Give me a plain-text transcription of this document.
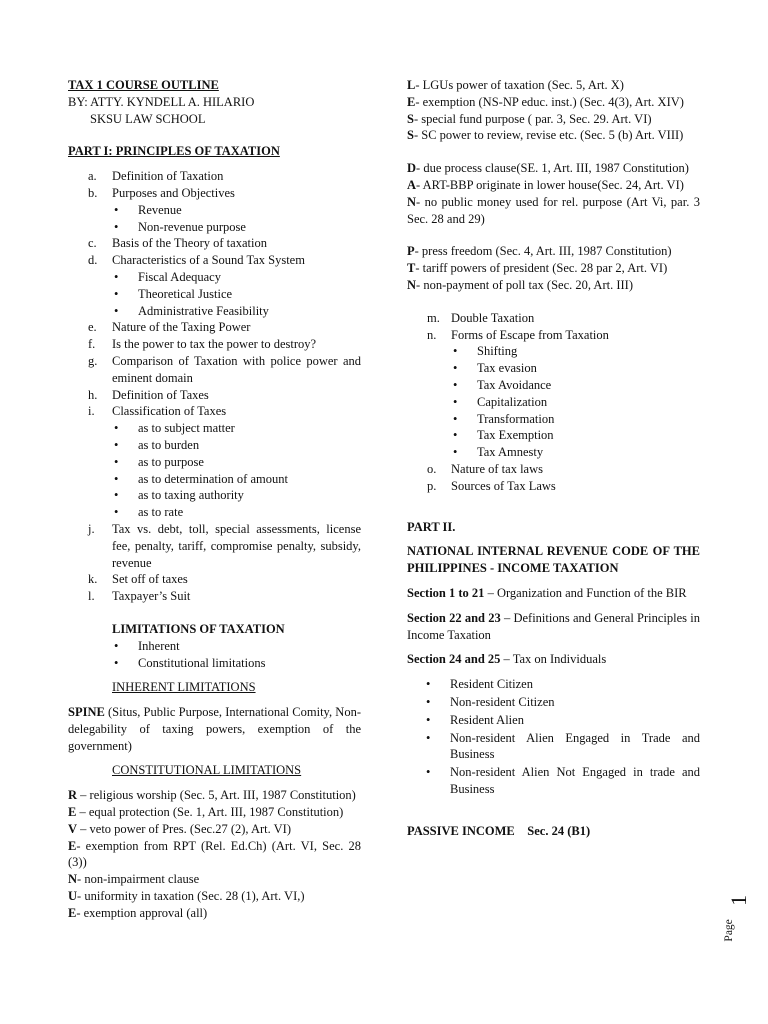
TAX 1 COURSE OUTLINE
BY: ATTY. KYNDELL A. HILARIO
SKSU LAW SCHOOL
PART I: PRINCIPLES OF TAXATION
a.	Definition of Taxation
b.	Purposes and Objectives
• Revenue
• Non-revenue purpose
c.	Basis of the Theory of taxation
d.	Characteristics of a Sound Tax System
• Fiscal Adequacy
• Theoretical Justice
• Administrative Feasibility
e.	Nature of the Taxing Power
f.	Is the power to tax the power to destroy?
g.	Comparison of Taxation with police power and eminent domain
h.	Definition of Taxes
i.	Classification of Taxes
• as to subject matter
• as to burden
• as to purpose
• as to determination of amount
• as to taxing authority
• as to rate
j.	Tax vs. debt, toll, special assessments, license fee, penalty, tariff, compromise penalty, subsidy, revenue
k.	Set off of taxes
l.	Taxpayer’s Suit
LIMITATIONS OF TAXATION
• Inherent
• Constitutional limitations
INHERENT LIMITATIONS
SPINE (Situs, Public Purpose, International Comity, Non-delegability of taxing powers, exemption of the government)
CONSTITUTIONAL LIMITATIONS
R – religious worship (Sec. 5, Art. III, 1987 Constitution)
E – equal protection (Se. 1, Art. III, 1987 Constitution)
V – veto power of Pres. (Sec.27 (2), Art. VI)
E- exemption from RPT (Rel. Ed.Ch) (Art. VI, Sec. 28 (3))
N- non-impairment clause
U- uniformity in taxation (Sec. 28 (1), Art. VI,)
E- exemption approval (all)
L- LGUs power of taxation (Sec. 5, Art. X)
E- exemption (NS-NP educ. inst.) (Sec. 4(3), Art. XIV)
S- special fund purpose ( par. 3, Sec. 29. Art. VI)
S- SC power to review, revise etc. (Sec. 5 (b) Art. VIII)
D- due process clause(SE. 1, Art. III, 1987 Constitution)
A- ART-BBP originate in lower house(Sec. 24, Art. VI)
N- no public money used for rel. purpose (Art Vi, par. 3 Sec. 28 and 29)
P- press freedom (Sec. 4, Art. III, 1987 Constitution)
T- tariff powers of president (Sec. 28 par 2, Art. VI)
N- non-payment of poll tax (Sec. 20, Art. III)
m. Double Taxation
n.	Forms of Escape from Taxation
• Shifting
• Tax evasion
• Tax Avoidance
• Capitalization
• Transformation
• Tax Exemption
• Tax Amnesty
o.	Nature of tax laws
p.	Sources of Tax Laws
PART II.
NATIONAL INTERNAL REVENUE CODE OF THE PHILIPPINES - INCOME TAXATION
Section 1 to 21 – Organization and Function of the BIR
Section 22 and 23 – Definitions and General Principles in Income Taxation
Section 24 and 25 – Tax on Individuals
• Resident Citizen
• Non-resident Citizen
• Resident Alien
• Non-resident Alien Engaged in Trade and Business
• Non-resident Alien Not Engaged in trade and Business
PASSIVE INCOME Sec. 24 (B1)
1
Page
